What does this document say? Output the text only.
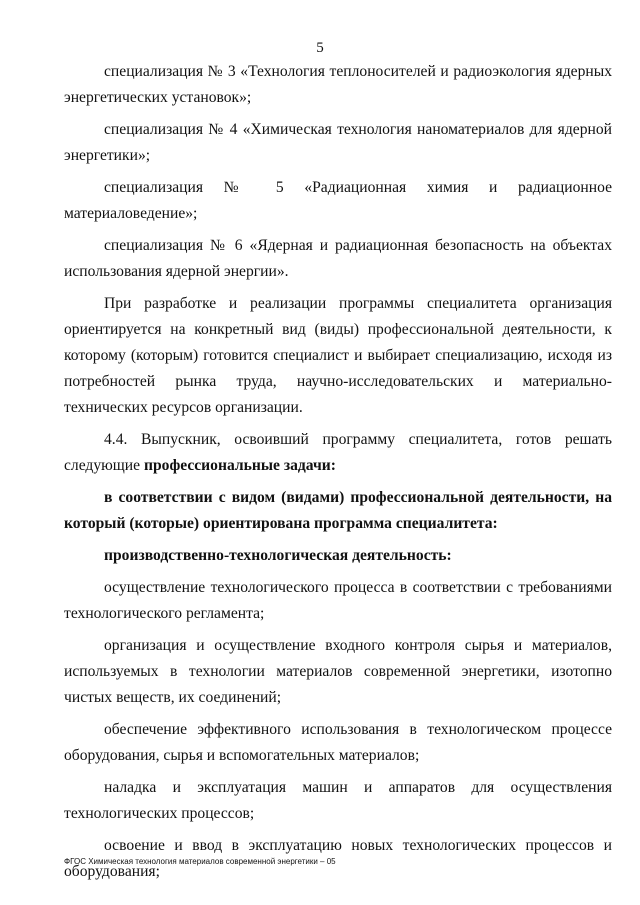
5

специализация № 3 «Технология теплоносителей и радиоэкология ядерных энергетических установок»;

специализация № 4 «Химическая технология наноматериалов для ядерной энергетики»;

специализация № 5 «Радиационная химия и радиационное материаловедение»;

специализация № 6 «Ядерная и радиационная безопасность на объектах использования ядерной энергии».

При разработке и реализации программы специалитета организация ориентируется на конкретный вид (виды) профессиональной деятельности, к которому (которым) готовится специалист и выбирает специализацию, исходя из потребностей рынка труда, научно-исследовательских и материально-технических ресурсов организации.

4.4. Выпускник, освоивший программу специалитета, готов решать следующие профессиональные задачи:

в соответствии с видом (видами) профессиональной деятельности, на который (которые) ориентирована программа специалитета:

производственно-технологическая деятельность:

осуществление технологического процесса в соответствии с требованиями технологического регламента;

организация и осуществление входного контроля сырья и материалов, используемых в технологии материалов современной энергетики, изотопно чистых веществ, их соединений;

обеспечение эффективного использования в технологическом процессе оборудования, сырья и вспомогательных материалов;

наладка и эксплуатация машин и аппаратов для осуществления технологических процессов;

освоение и ввод в эксплуатацию новых технологических процессов и оборудования;

ФГОС Химическая технология материалов современной энергетики – 05
